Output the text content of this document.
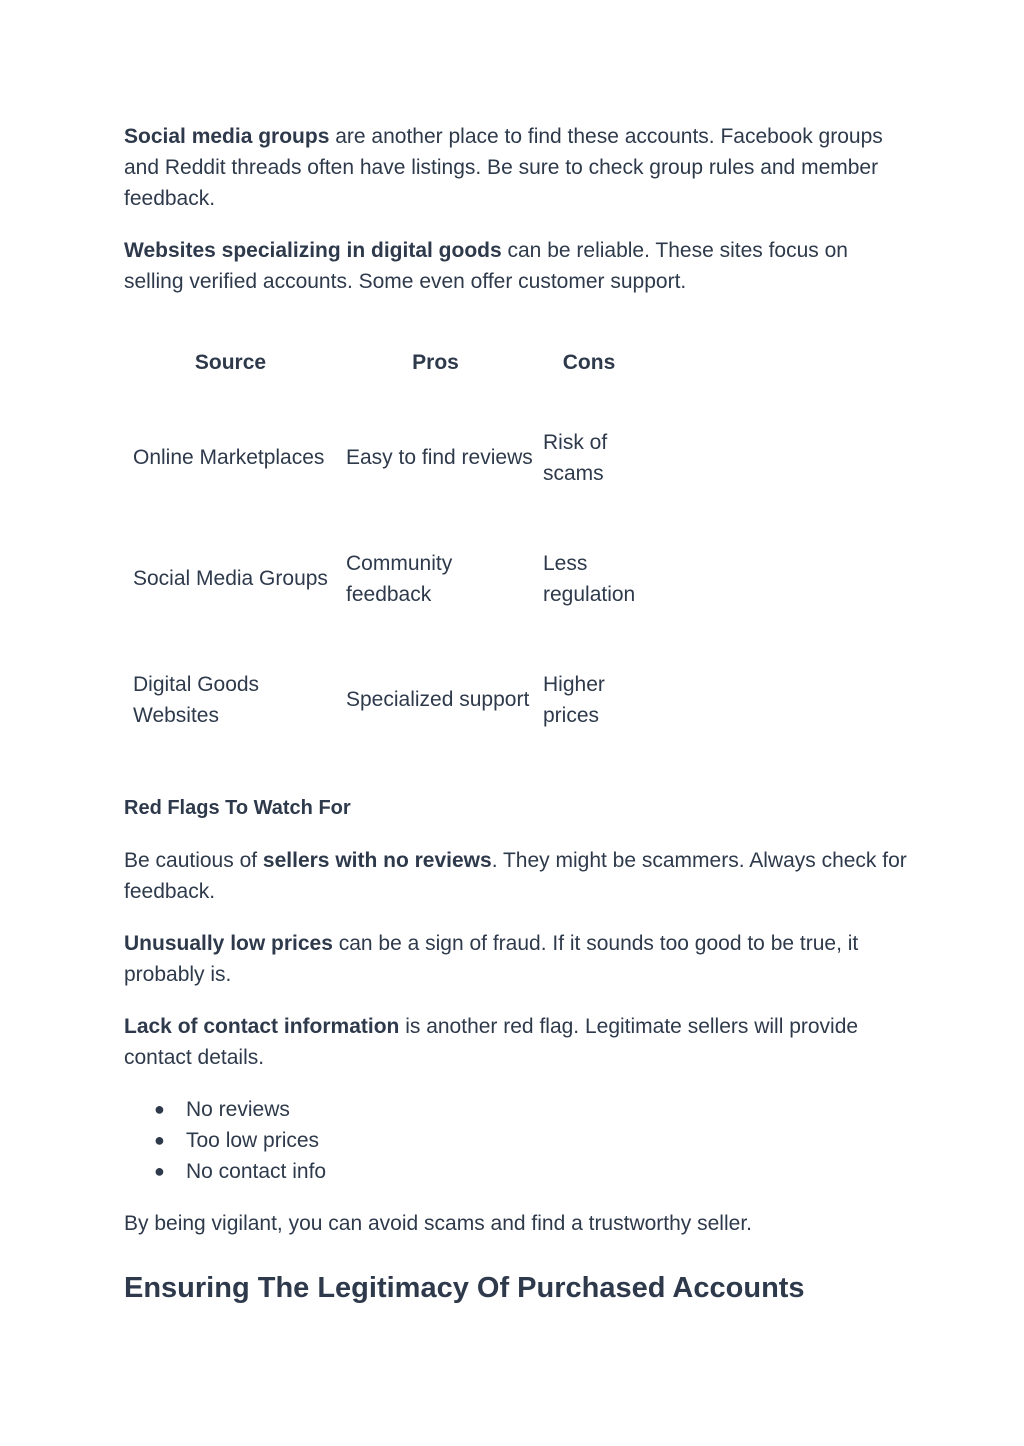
Social media groups are another place to find these accounts. Facebook groups and Reddit threads often have listings. Be sure to check group rules and member feedback.

Websites specializing in digital goods can be reliable. These sites focus on selling verified accounts. Some even offer customer support.

Source	Pros	Cons
Online Marketplaces	Easy to find reviews	Risk of scams
Social Media Groups	Community feedback	Less regulation
Digital Goods Websites	Specialized support	Higher prices
Red Flags To Watch For

Be cautious of sellers with no reviews. They might be scammers. Always check for feedback.

Unusually low prices can be a sign of fraud. If it sounds too good to be true, it probably is.

Lack of contact information is another red flag. Legitimate sellers will provide contact details.

● No reviews
● Too low prices
● No contact info

By being vigilant, you can avoid scams and find a trustworthy seller.

Ensuring The Legitimacy Of Purchased Accounts
